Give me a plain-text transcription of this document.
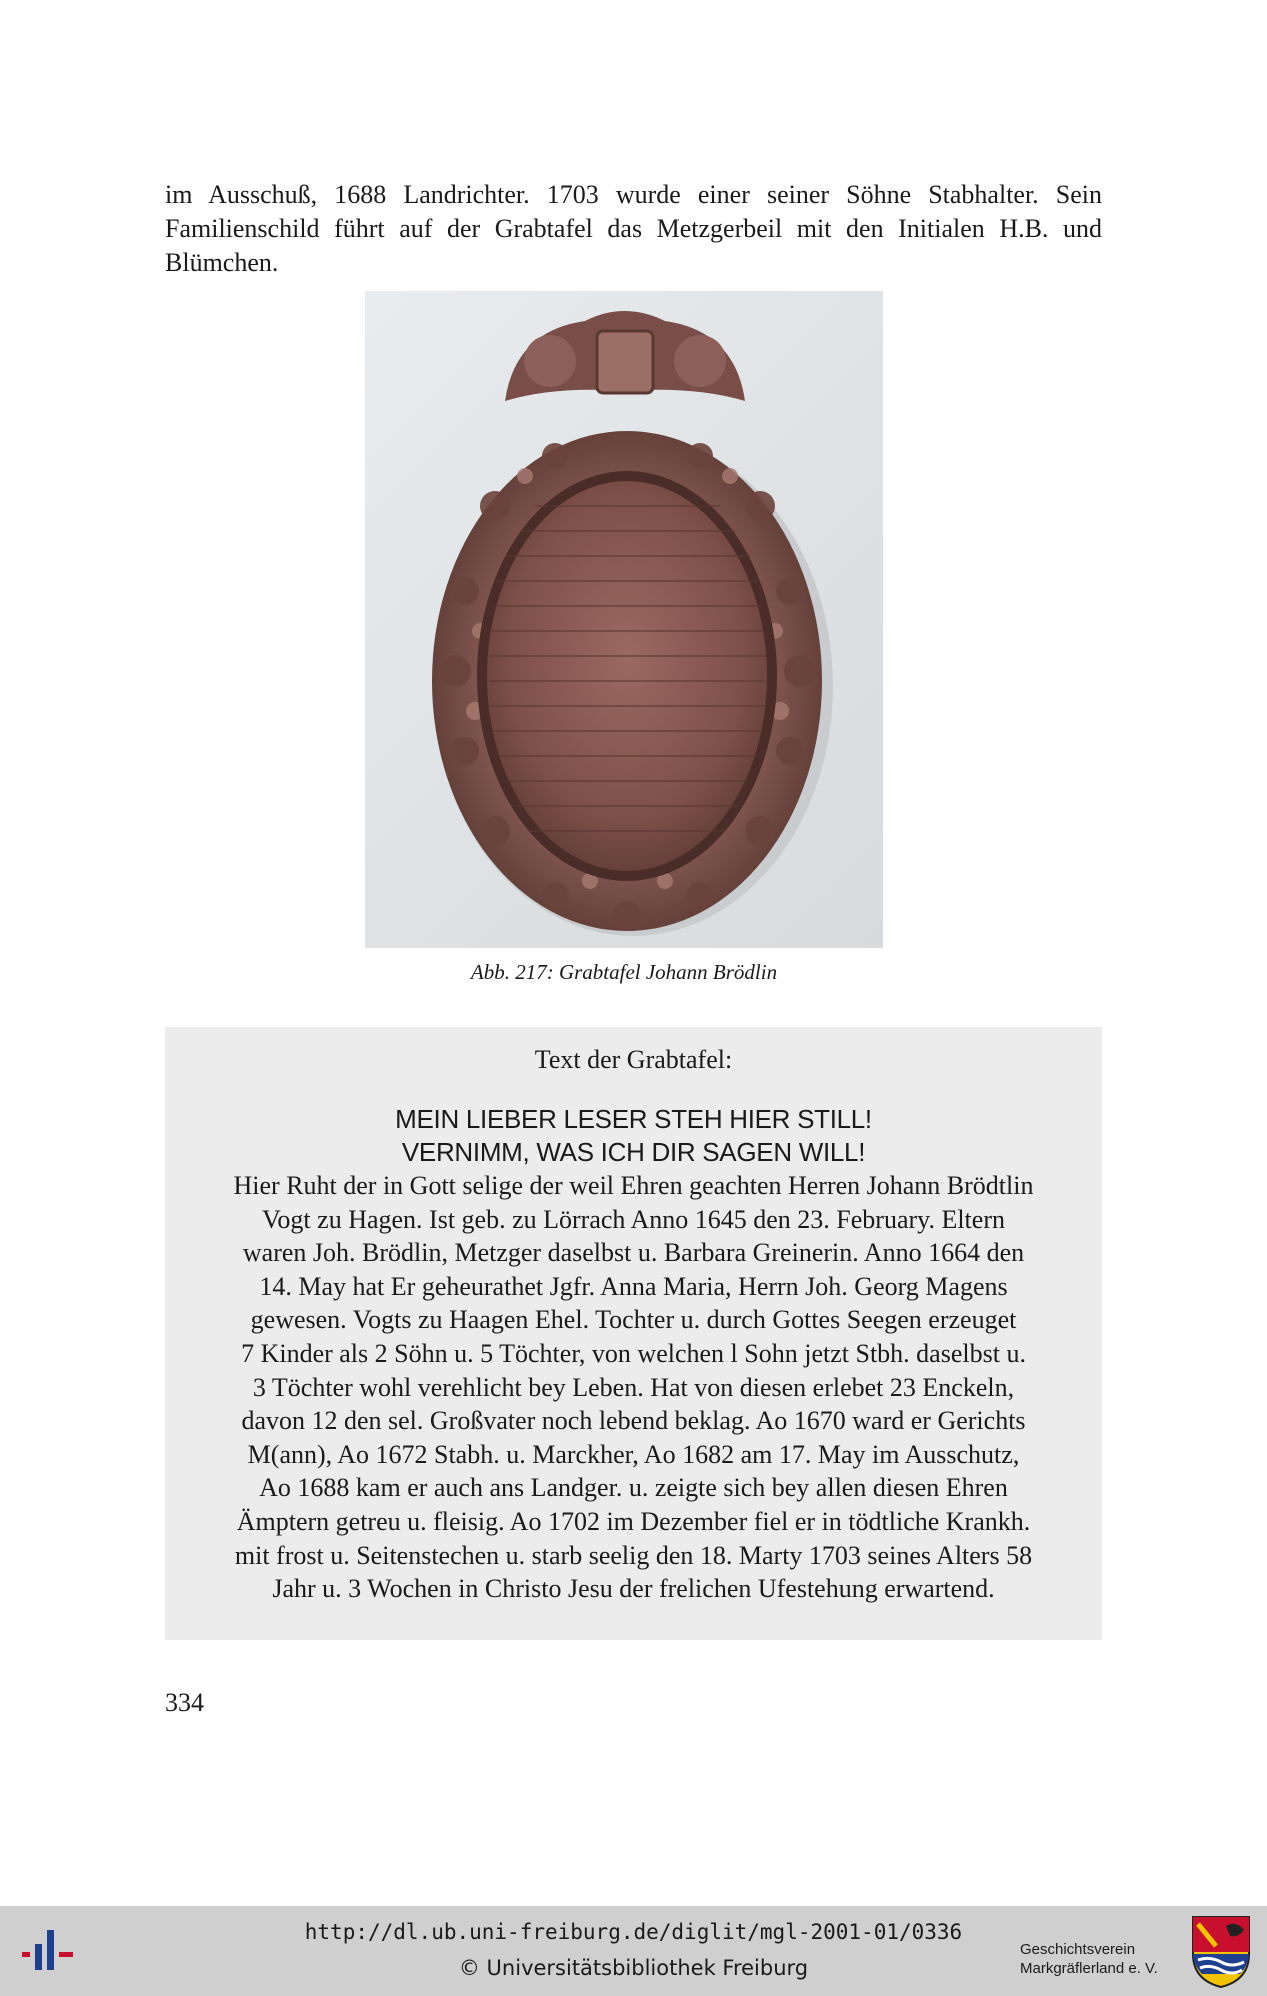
im Ausschuß, 1688 Landrichter. 1703 wurde einer seiner Söhne Stabhalter. Sein Familienschild führt auf der Grabtafel das Metzgerbeil mit den Initialen H.B. und Blümchen.

Abb. 217: Grabtafel Johann Brödlin

Text der Grabtafel:

MEIN LIEBER LESER STEH HIER STILL!
VERNIMM, WAS ICH DIR SAGEN WILL!
Hier Ruht der in Gott selige der weil Ehren geachten Herren Johann Brödtlin
Vogt zu Hagen. Ist geb. zu Lörrach Anno 1645 den 23. February. Eltern
waren Joh. Brödlin, Metzger daselbst u. Barbara Greinerin. Anno 1664 den
14. May hat Er geheurathet Jgfr. Anna Maria, Herrn Joh. Georg Magens
gewesen. Vogts zu Haagen Ehel. Tochter u. durch Gottes Seegen erzeuget
7 Kinder als 2 Söhn u. 5 Töchter, von welchen l Sohn jetzt Stbh. daselbst u.
3 Töchter wohl verehlicht bey Leben. Hat von diesen erlebet 23 Enckeln,
davon 12 den sel. Großvater noch lebend beklag. Ao 1670 ward er Gerichts
M(ann), Ao 1672 Stabh. u. Marckher, Ao 1682 am 17. May im Ausschutz,
Ao 1688 kam er auch ans Landger. u. zeigte sich bey allen diesen Ehren
Ämptern getreu u. fleisig. Ao 1702 im Dezember fiel er in tödtliche Krankh.
mit frost u. Seitenstechen u. starb seelig den 18. Marty 1703 seines Alters 58
Jahr u. 3 Wochen in Christo Jesu der frelichen Ufestehung erwartend.

334

http://dl.ub.uni-freiburg.de/diglit/mgl-2001-01/0336
© Universitätsbibliothek Freiburg
Geschichtsverein
Markgräflerland e. V.
